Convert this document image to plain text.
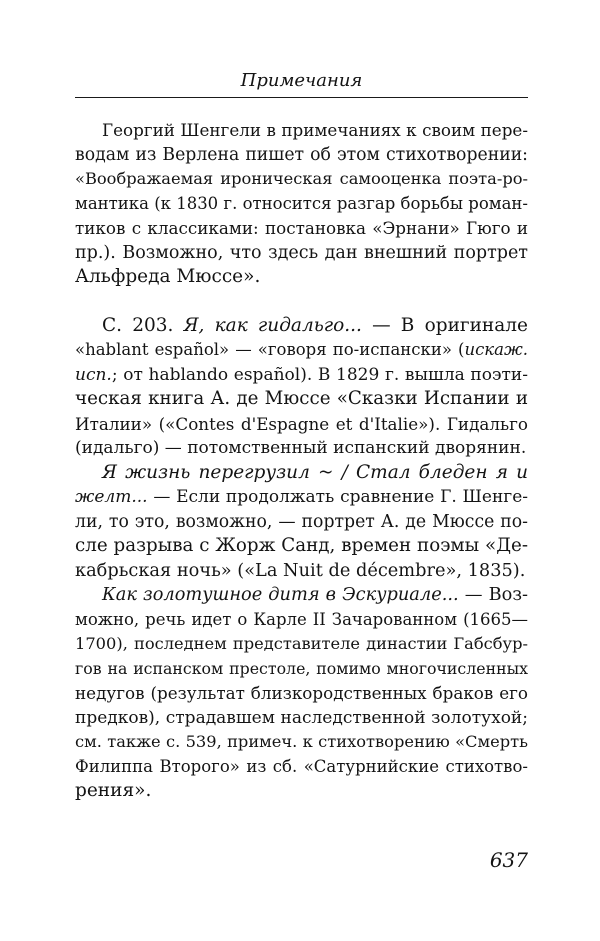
Примечания
Георгий Шенгели в примечаниях к своим пере-
водам из Верлена пишет об этом стихотворении:
«Воображаемая ироническая самооценка поэта-ро-
мантика (к 1830 г. относится разгар борьбы роман-
тиков с классиками: постановка «Эрнани» Гюго и
пр.). Возможно, что здесь дан внешний портрет
Альфреда Мюссе».
С. 203. Я, как гидальго... — В оригинале
«hablant español» — «говоря по-испански» (искаж.
исп.; от hablando español). В 1829 г. вышла поэти-
ческая книга А. де Мюссе «Сказки Испании и
Италии» («Contes d'Espagne et d'Italie»). Гидальго
(идальго) — потомственный испанский дворянин.
Я жизнь перегрузил ~ / Стал бледен я и
желт... — Если продолжать сравнение Г. Шенге-
ли, то это, возможно, — портрет А. де Мюссе по-
сле разрыва с Жорж Санд, времен поэмы «Де-
кабрьская ночь» («La Nuit de décembre», 1835).
Как золотушное дитя в Эскуриале... — Воз-
можно, речь идет о Карле II Зачарованном (1665—
1700), последнем представителе династии Габсбур-
гов на испанском престоле, помимо многочисленных
недугов (результат близкородственных браков его
предков), страдавшем наследственной золотухой;
см. также с. 539, примеч. к стихотворению «Смерть
Филиппа Второго» из сб. «Сатурнийские стихотво-
рения».
637
